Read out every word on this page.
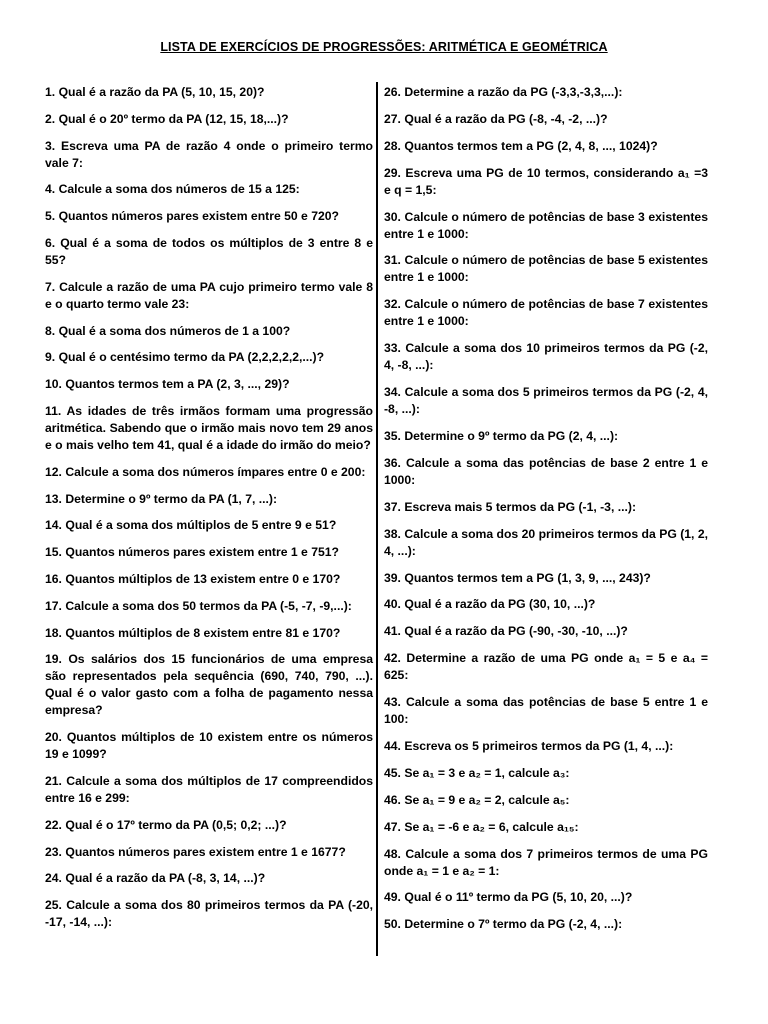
LISTA DE EXERCÍCIOS DE PROGRESSÕES: ARITMÉTICA E GEOMÉTRICA
1. Qual é a razão da PA (5, 10, 15, 20)?
2. Qual é o 20º termo da PA (12, 15, 18,...)?
3. Escreva uma PA de razão 4 onde o primeiro termo vale 7:
4. Calcule a soma dos números de 15 a 125:
5. Quantos números pares existem entre 50 e 720?
6. Qual é a soma de todos os múltiplos de 3 entre 8 e 55?
7. Calcule a razão de uma PA cujo primeiro termo vale 8 e o quarto termo vale 23:
8. Qual é a soma dos números de 1 a 100?
9. Qual é o centésimo termo da PA (2,2,2,2,2,...)?
10. Quantos termos tem a PA (2, 3, ..., 29)?
11. As idades de três irmãos formam uma progressão aritmética. Sabendo que o irmão mais novo tem 29 anos e o mais velho tem 41, qual é a idade do irmão do meio?
12. Calcule a soma dos números ímpares entre 0 e 200:
13. Determine o 9º termo da PA (1, 7, ...):
14. Qual é a soma dos múltiplos de 5 entre 9 e 51?
15. Quantos números pares existem entre 1 e 751?
16. Quantos múltiplos de 13 existem entre 0 e 170?
17. Calcule a soma dos 50 termos da PA (-5, -7, -9,...):
18. Quantos múltiplos de 8 existem entre 81 e 170?
19. Os salários dos 15 funcionários de uma empresa são representados pela sequência (690, 740, 790, ...). Qual é o valor gasto com a folha de pagamento nessa empresa?
20. Quantos múltiplos de 10 existem entre os números 19 e 1099?
21. Calcule a soma dos múltiplos de 17 compreendidos entre 16 e 299:
22. Qual é o 17º termo da PA (0,5; 0,2; ...)?
23. Quantos números pares existem entre 1 e 1677?
24. Qual é a razão da PA (-8, 3, 14, ...)?
25. Calcule a soma dos 80 primeiros termos da PA (-20, -17, -14, ...):
26. Determine a razão da PG (-3,3,-3,3,...):
27. Qual é a razão da PG (-8, -4, -2, ...)?
28. Quantos termos tem a PG (2, 4, 8, ..., 1024)?
29. Escreva uma PG de 10 termos, considerando a₁ =3 e q = 1,5:
30. Calcule o número de potências de base 3 existentes entre 1 e 1000:
31. Calcule o número de potências de base 5 existentes entre 1 e 1000:
32. Calcule o número de potências de base 7 existentes entre 1 e 1000:
33. Calcule a soma dos 10 primeiros termos da PG (-2, 4, -8, ...):
34. Calcule a soma dos 5 primeiros termos da PG (-2, 4, -8, ...):
35. Determine o 9º termo da PG (2, 4, ...):
36. Calcule a soma das potências de base 2 entre 1 e 1000:
37. Escreva mais 5 termos da PG (-1, -3, ...):
38. Calcule a soma dos 20 primeiros termos da PG (1, 2, 4, ...):
39. Quantos termos tem a PG (1, 3, 9, ..., 243)?
40. Qual é a razão da PG (30, 10, ...)?
41. Qual é a razão da PG (-90, -30, -10, ...)?
42. Determine a razão de uma PG onde a₁ = 5 e a₄ = 625:
43. Calcule a soma das potências de base 5 entre 1 e 100:
44. Escreva os 5 primeiros termos da PG (1, 4, ...):
45. Se a₁ = 3 e a₂ = 1, calcule a₃:
46. Se a₁ = 9 e a₂ = 2, calcule a₅:
47. Se a₁ = -6 e a₂ = 6, calcule a₁₅:
48. Calcule a soma dos 7 primeiros termos de uma PG onde a₁ = 1 e a₂ = 1:
49. Qual é o 11º termo da PG (5, 10, 20, ...)?
50. Determine o 7º termo da PG (-2, 4, ...):
